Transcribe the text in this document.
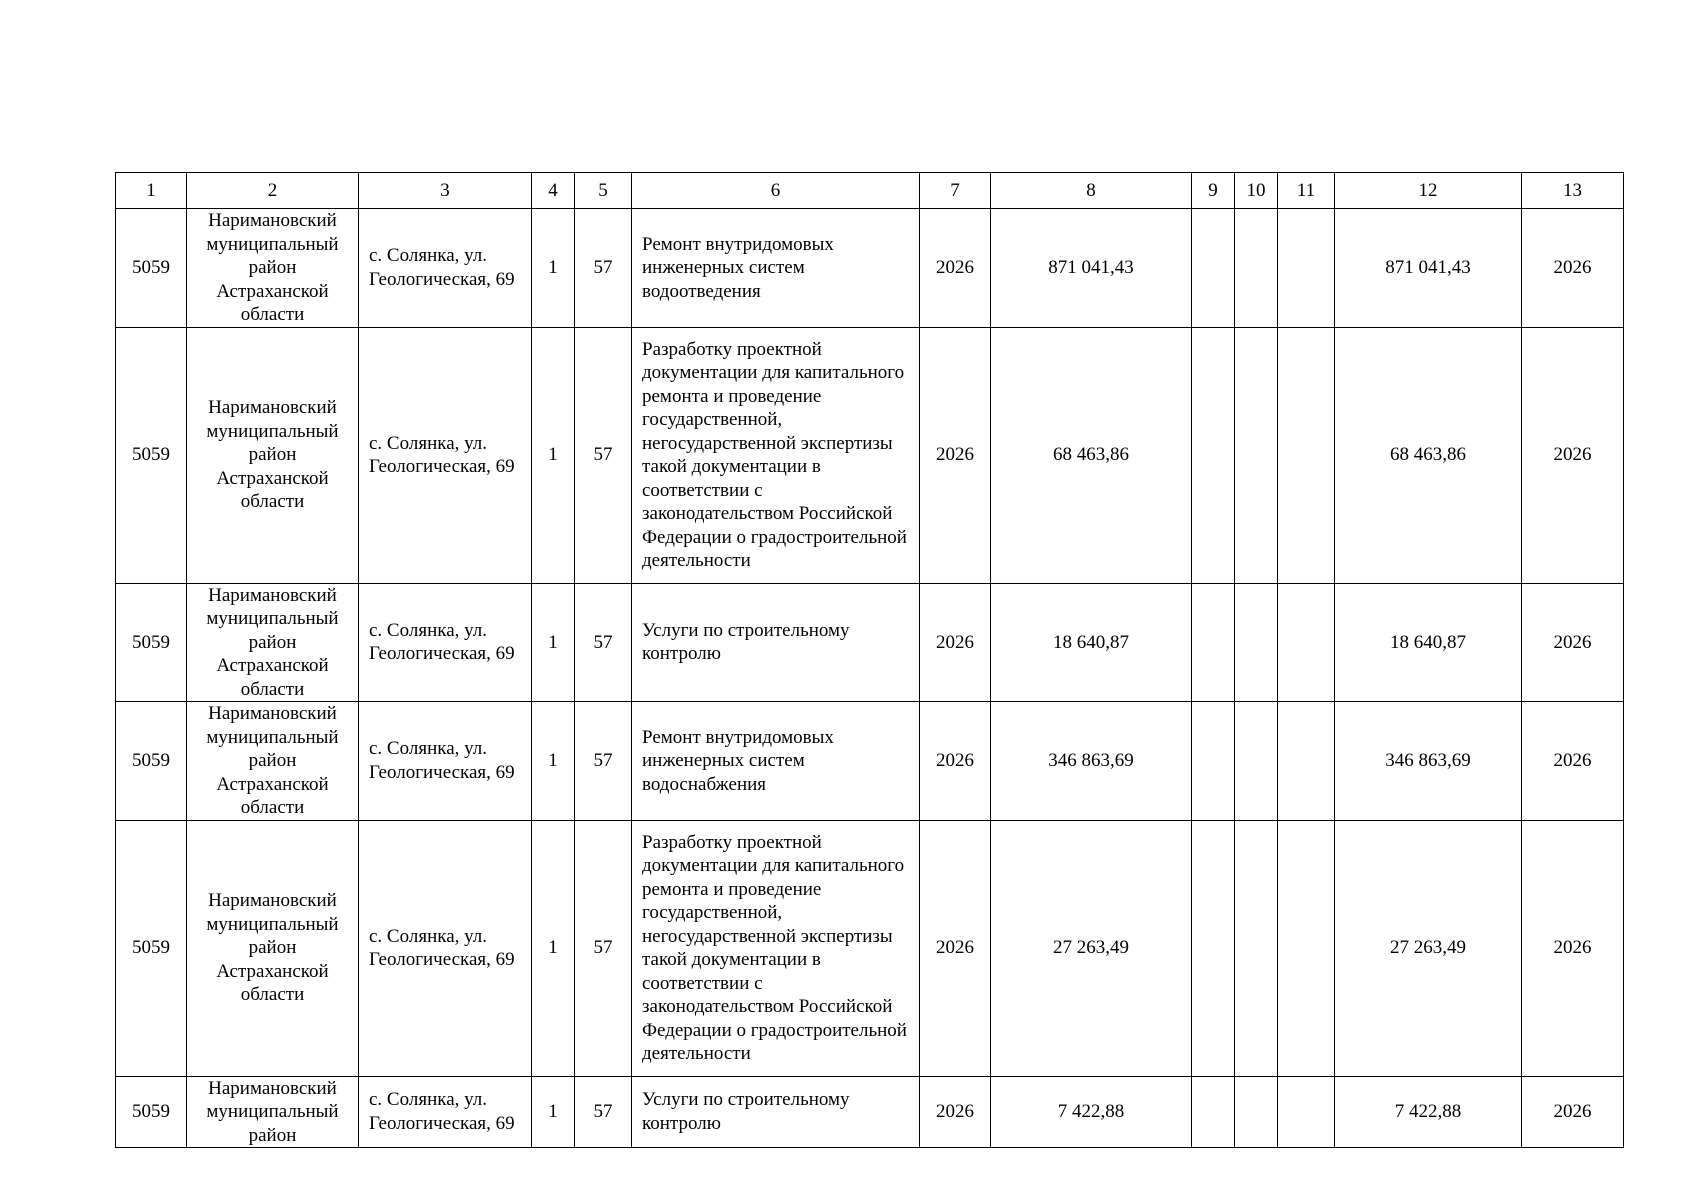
1	2	3	4	5	6	7	8	9	10	11	12	13
5059	Наримановский муниципальный район Астраханской области	с. Солянка, ул. Геологическая, 69	1	57	Ремонт внутридомовых инженерных систем водоотведения	2026	871 041,43				871 041,43	2026
5059	Наримановский муниципальный район Астраханской области	с. Солянка, ул. Геологическая, 69	1	57	Разработку проектной документации для капитального ремонта и проведение государственной, негосударственной экспертизы такой документации в соответствии с законодательством Российской Федерации о градостроительной деятельности	2026	68 463,86				68 463,86	2026
5059	Наримановский муниципальный район Астраханской области	с. Солянка, ул. Геологическая, 69	1	57	Услуги по строительному контролю	2026	18 640,87				18 640,87	2026
5059	Наримановский муниципальный район Астраханской области	с. Солянка, ул. Геологическая, 69	1	57	Ремонт внутридомовых инженерных систем водоснабжения	2026	346 863,69				346 863,69	2026
5059	Наримановский муниципальный район Астраханской области	с. Солянка, ул. Геологическая, 69	1	57	Разработку проектной документации для капитального ремонта и проведение государственной, негосударственной экспертизы такой документации в соответствии с законодательством Российской Федерации о градостроительной деятельности	2026	27 263,49				27 263,49	2026
5059	Наримановский муниципальный район	с. Солянка, ул. Геологическая, 69	1	57	Услуги по строительному контролю	2026	7 422,88				7 422,88	2026
